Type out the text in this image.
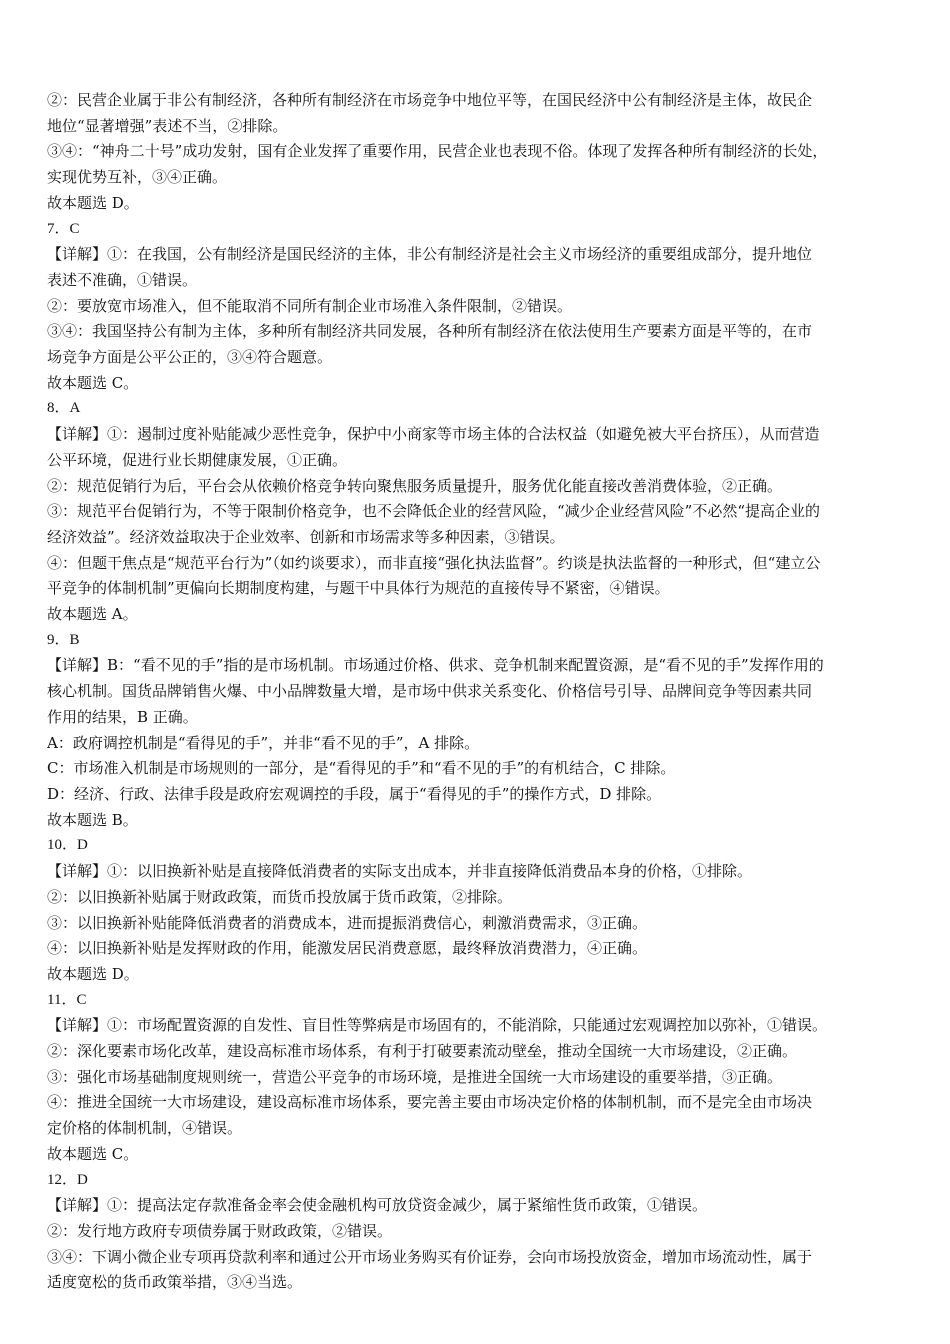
②：民营企业属于非公有制经济，各种所有制经济在市场竞争中地位平等，在国民经济中公有制经济是主体，故民企
地位“显著增强”表述不当，②排除。
③④：“神舟二十号”成功发射，国有企业发挥了重要作用，民营企业也表现不俗。体现了发挥各种所有制经济的长处，
实现优势互补，③④正确。
故本题选 D。
7．C
【详解】①：在我国，公有制经济是国民经济的主体，非公有制经济是社会主义市场经济的重要组成部分，提升地位
表述不准确，①错误。
②：要放宽市场准入，但不能取消不同所有制企业市场准入条件限制，②错误。
③④：我国坚持公有制为主体，多种所有制经济共同发展，各种所有制经济在依法使用生产要素方面是平等的，在市
场竞争方面是公平公正的，③④符合题意。
故本题选 C。
8．A
【详解】①：遏制过度补贴能减少恶性竞争，保护中小商家等市场主体的合法权益（如避免被大平台挤压），从而营造
公平环境，促进行业长期健康发展，①正确。
②：规范促销行为后，平台会从依赖价格竞争转向聚焦服务质量提升，服务优化能直接改善消费体验，②正确。
③：规范平台促销行为，不等于限制价格竞争，也不会降低企业的经营风险，“减少企业经营风险”不必然“提高企业的
经济效益”。经济效益取决于企业效率、创新和市场需求等多种因素，③错误。
④：但题干焦点是“规范平台行为”（如约谈要求），而非直接“强化执法监督”。约谈是执法监督的一种形式，但“建立公
平竞争的体制机制”更偏向长期制度构建，与题干中具体行为规范的直接传导不紧密，④错误。
故本题选 A。
9．B
【详解】B：“看不见的手”指的是市场机制。市场通过价格、供求、竞争机制来配置资源，是“看不见的手”发挥作用的
核心机制。国货品牌销售火爆、中小品牌数量大增，是市场中供求关系变化、价格信号引导、品牌间竞争等因素共同
作用的结果，B 正确。
A：政府调控机制是“看得见的手”，并非“看不见的手”，A 排除。
C：市场准入机制是市场规则的一部分，是“看得见的手”和“看不见的手”的有机结合，C 排除。
D：经济、行政、法律手段是政府宏观调控的手段，属于“看得见的手”的操作方式，D 排除。
故本题选 B。
10．D
【详解】①：以旧换新补贴是直接降低消费者的实际支出成本，并非直接降低消费品本身的价格，①排除。
②：以旧换新补贴属于财政政策，而货币投放属于货币政策，②排除。
③：以旧换新补贴能降低消费者的消费成本，进而提振消费信心，刺激消费需求，③正确。
④：以旧换新补贴是发挥财政的作用，能激发居民消费意愿，最终释放消费潜力，④正确。
故本题选 D。
11．C
【详解】①：市场配置资源的自发性、盲目性等弊病是市场固有的，不能消除，只能通过宏观调控加以弥补，①错误。
②：深化要素市场化改革，建设高标准市场体系，有利于打破要素流动壁垒，推动全国统一大市场建设，②正确。
③：强化市场基础制度规则统一，营造公平竞争的市场环境，是推进全国统一大市场建设的重要举措，③正确。
④：推进全国统一大市场建设，建设高标准市场体系，要完善主要由市场决定价格的体制机制，而不是完全由市场决
定价格的体制机制，④错误。
故本题选 C。
12．D
【详解】①：提高法定存款准备金率会使金融机构可放贷资金减少，属于紧缩性货币政策，①错误。
②：发行地方政府专项债券属于财政政策，②错误。
③④：下调小微企业专项再贷款利率和通过公开市场业务购买有价证券，会向市场投放资金，增加市场流动性，属于
适度宽松的货币政策举措，③④当选。
